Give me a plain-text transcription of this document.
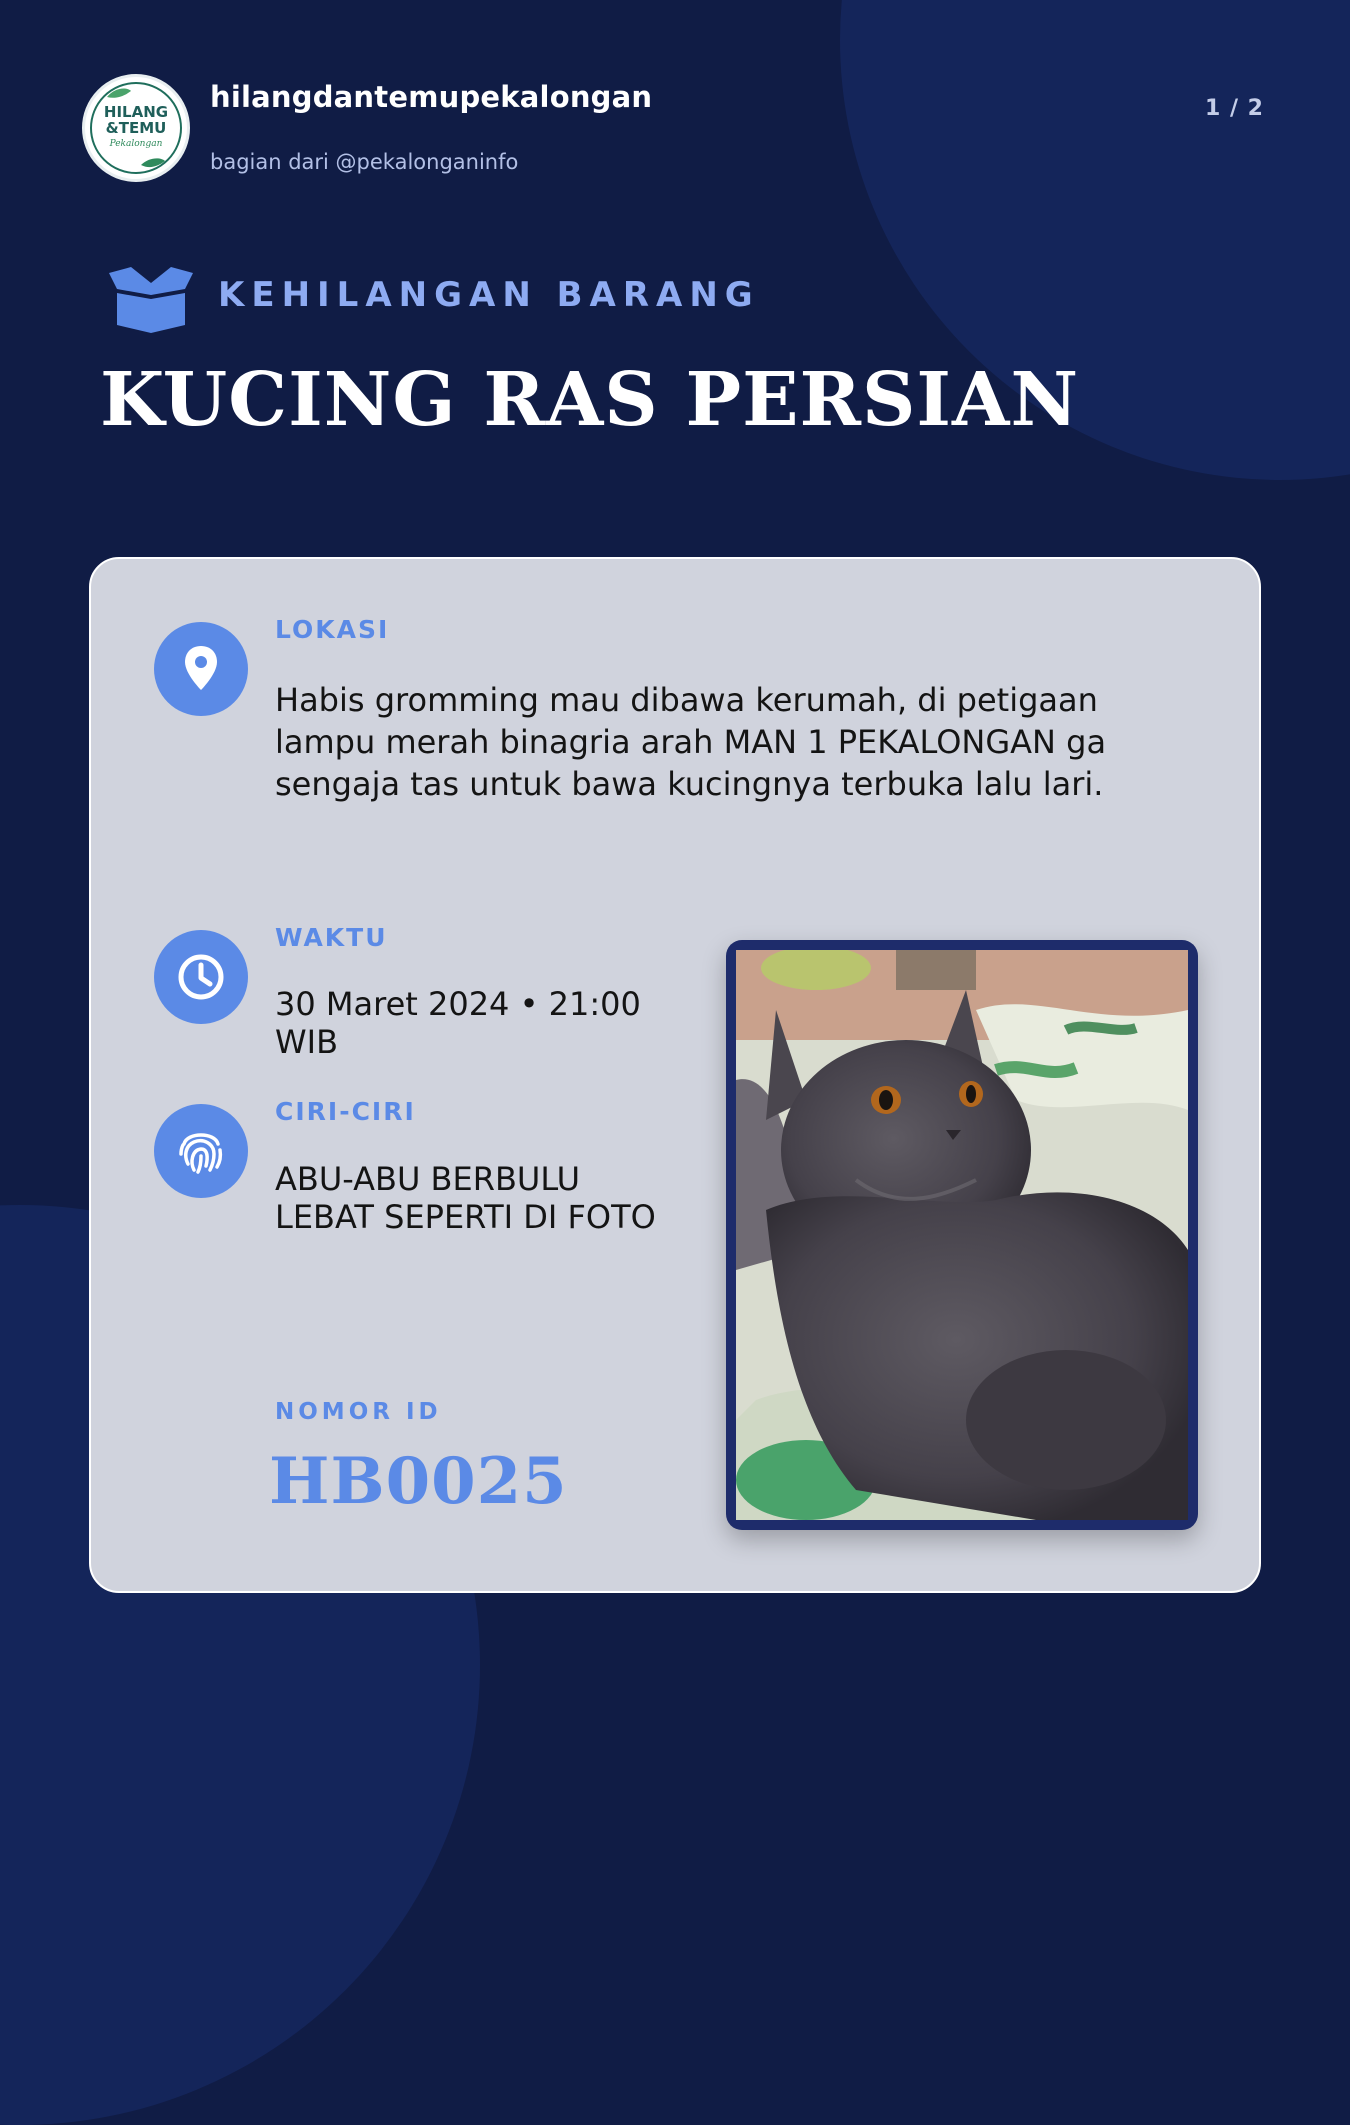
HILANG
&TEMU
Pekalongan
hilangdantemupekalongan
bagian dari @pekalonganinfo
1 / 2
KEHILANGAN BARANG
KUCING RAS PERSIAN
LOKASI
Habis gromming mau dibawa kerumah, di petigaan lampu merah binagria arah MAN 1 PEKALONGAN ga sengaja tas untuk bawa kucingnya terbuka lalu lari.
WAKTU
30 Maret 2024 • 21:00 WIB
CIRI-CIRI
ABU-ABU BERBULU LEBAT SEPERTI DI FOTO
NOMOR ID
HB0025
